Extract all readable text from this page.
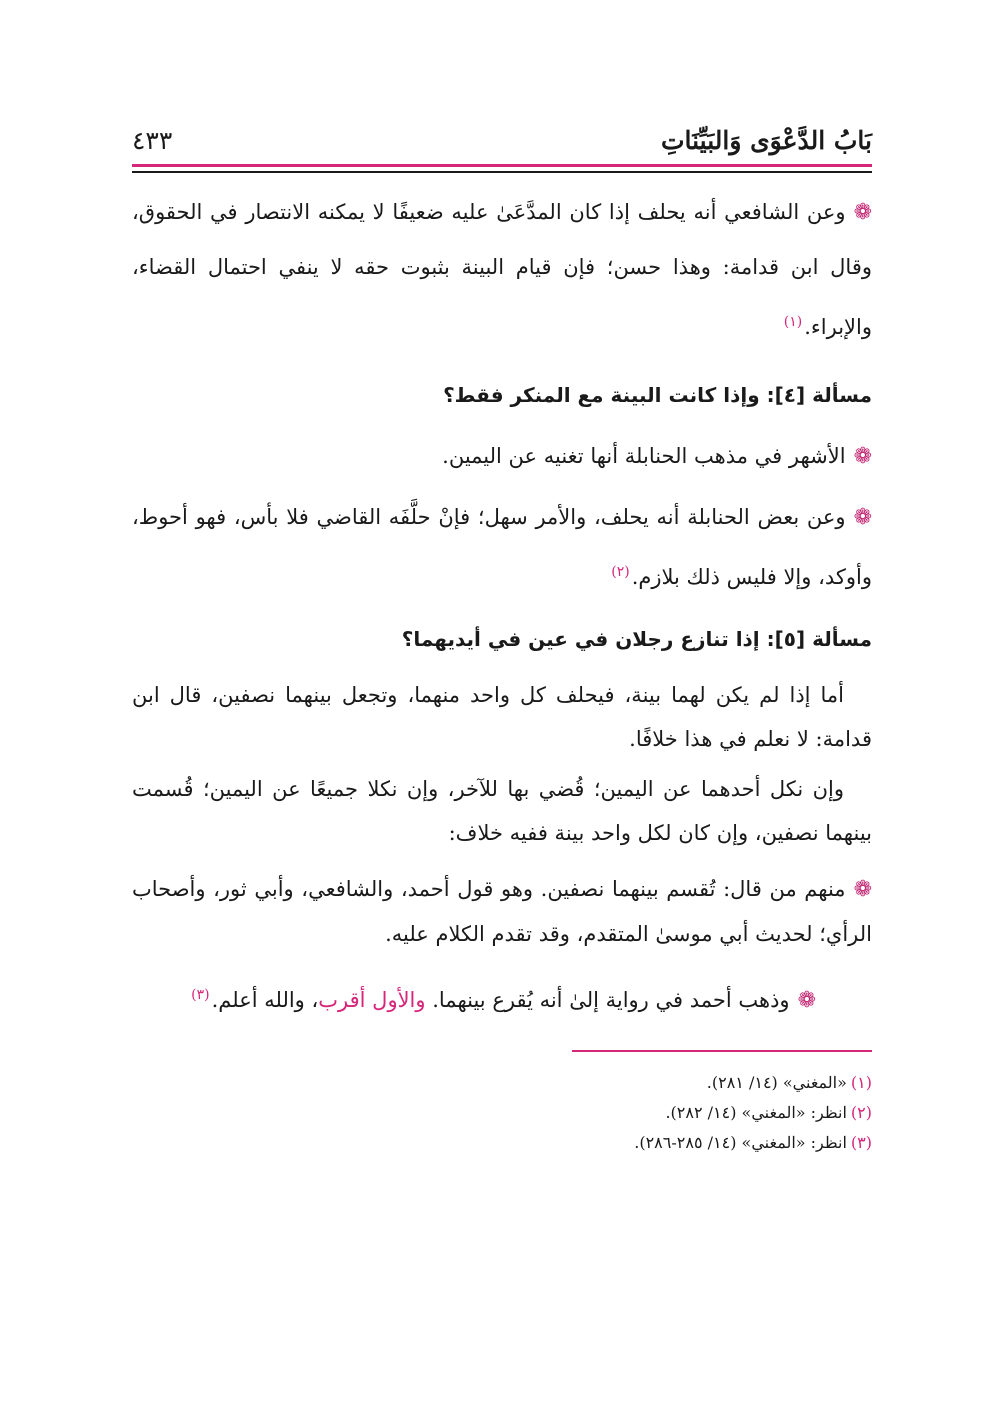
بَابُ الدَّعْوَى وَالبَيِّنَاتِ
٤٣٣

❁وعن الشافعي أنه يحلف إذا كان المدَّعَىٰ عليه ضعيفًا لا يمكنه الانتصار في الحقوق، وقال ابن قدامة: وهذا حسن؛ فإن قيام البينة بثبوت حقه لا ينفي احتمال القضاء، والإبراء.$^{(١)}$

مسألة [٤]: وإذا كانت البينة مع المنكر فقط؟

❁الأشهر في مذهب الحنابلة أنها تغنيه عن اليمين.

❁وعن بعض الحنابلة أنه يحلف، والأمر سهل؛ فإنْ حلَّفَه القاضي فلا بأس، فهو أحوط، وأوكد، وإلا فليس ذلك بلازم.$^{(٢)}$

مسألة [٥]: إذا تنازع رجلان في عين في أيديهما؟

أما إذا لم يكن لهما بينة، فيحلف كل واحد منهما، وتجعل بينهما نصفين، قال ابن قدامة: لا نعلم في هذا خلافًا.

وإن نكل أحدهما عن اليمين؛ قُضي بها للآخر، وإن نكلا جميعًا عن اليمين؛ قُسمت بينهما نصفين، وإن كان لكل واحد بينة ففيه خلاف:

❁منهم من قال: تُقسم بينهما نصفين. وهو قول أحمد، والشافعي، وأبي ثور، وأصحاب الرأي؛ لحديث أبي موسىٰ المتقدم، وقد تقدم الكلام عليه.

❁وذهب أحمد في رواية إلىٰ أنه يُقرع بينهما. والأول أقرب، والله أعلم.$^{(٣)}$

(١)«المغني» (١٤/ ٢٨١).

(٢)انظر: «المغني» (١٤/ ٢٨٢).

(٣)انظر: «المغني» (١٤/ ٢٨٥-٢٨٦).
